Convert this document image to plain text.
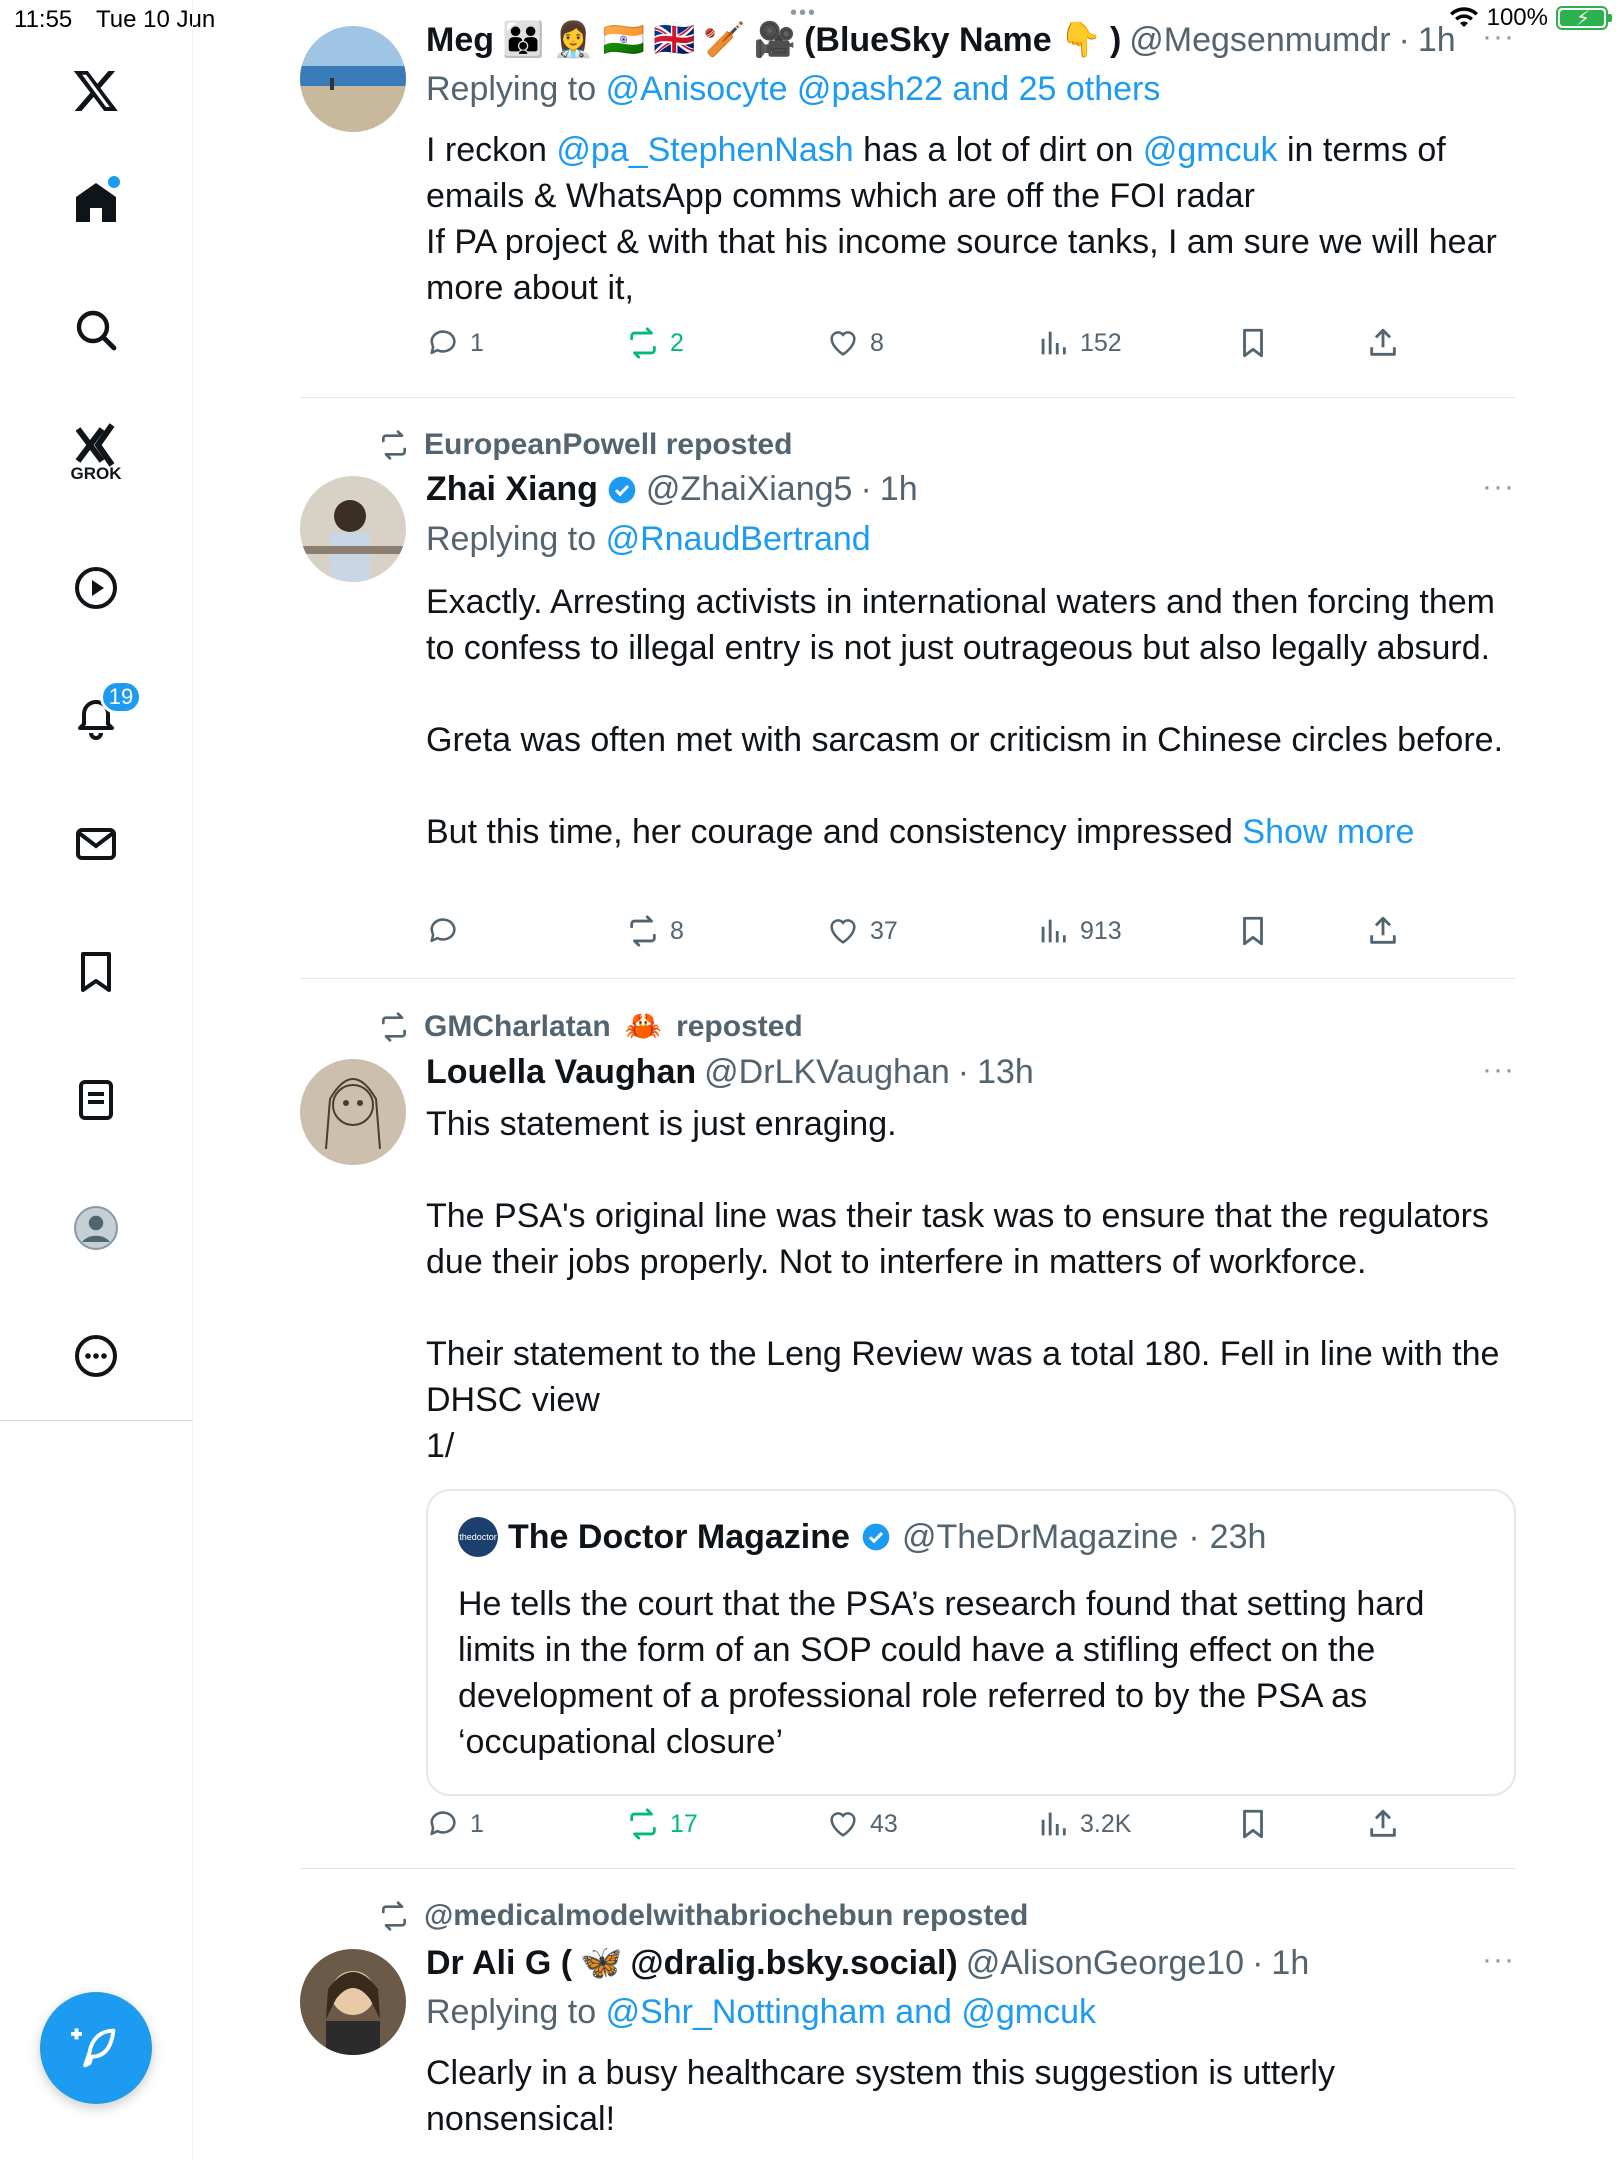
11:55 Tue 10 Jun	•••	100% ⚡
GROK
19
Meg 👪 👩‍⚕️ 🇮🇳 🇬🇧 🏏 🎥 (BlueSky Name 👇 ) @Megsenmumdr · 1h ···
Replying to @Anisocyte @pash22 and 25 others

I reckon @pa_StephenNash has a lot of dirt on @gmcuk in terms of emails & WhatsApp comms which are off the FOI radar

If PA project & with that his income source tanks, I am sure we will hear more about it,

1	2	8	152
EuropeanPowell reposted
Zhai Xiang @ZhaiXiang5 · 1h	···
Replying to @RnaudBertrand

Exactly. Arresting activists in international waters and then forcing them to confess to illegal entry is not just outrageous but also legally absurd.

Greta was often met with sarcasm or criticism in Chinese circles before.

But this time, her courage and consistency impressed Show more

8	37	913
GMCharlatan 🦀 reposted
Louella Vaughan @DrLKVaughan · 13h	···

This statement is just enraging.

The PSA's original line was their task was to ensure that the regulators due their jobs properly. Not to interfere in matters of workforce.

Their statement to the Leng Review was a total 180. Fell in line with the DHSC view

1/

thedoctor The Doctor Magazine @TheDrMagazine · 23h
He tells the court that the PSA’s research found that setting hard limits in the form of an SOP could have a stifling effect on the development of a professional role referred to by the PSA as ‘occupational closure’
1	17	43	3.2K
@medicalmodelwithabriochebun reposted
Dr Ali G ( 🦋 @dralig.bsky.social) @AlisonGeorge10 · 1h	···
Replying to @Shr_Nottingham and @gmcuk
Clearly in a busy healthcare system this suggestion is utterly nonsensical!
